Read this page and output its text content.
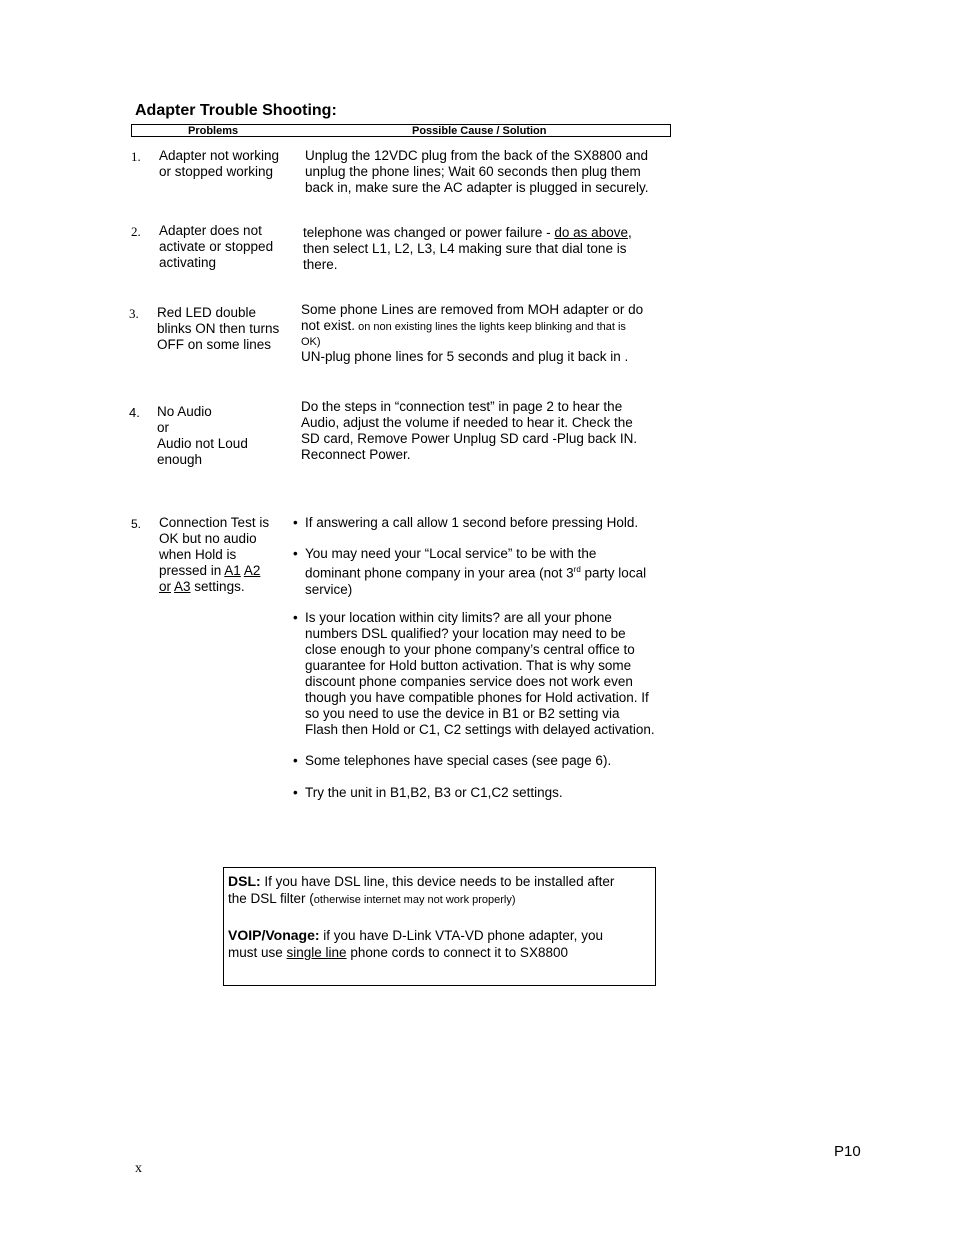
Adapter Trouble Shooting:
Problems	Possible Cause / Solution
1. Adapter not working
or stopped working
Unplug the 12VDC plug from the back of the SX8800 and
unplug the phone lines; Wait 60 seconds then plug them
back in, make sure the AC adapter is plugged in securely.
2. Adapter does not
activate or stopped
activating
telephone was changed or power failure - do as above,
then select L1, L2, L3, L4 making sure that dial tone is
there.
3. Red LED double
blinks ON then turns
OFF on some lines
Some phone Lines are removed from MOH adapter or do
not exist. on non existing lines the lights keep blinking and that is
OK)
UN-plug phone lines for 5 seconds and plug it back in .
4. No Audio
or
Audio not Loud
enough
Do the steps in “connection test” in page 2 to hear the
Audio, adjust the volume if needed to hear it. Check the
SD card, Remove Power Unplug SD card -Plug back IN.
Reconnect Power.
5. Connection Test is
OK but no audio
when Hold is
pressed in A1 A2
or A3 settings.
• If answering a call allow 1 second before pressing Hold.
• You may need your “Local service” to be with the
dominant phone company in your area (not 3rd party local
service)
• Is your location within city limits? are all your phone
numbers DSL qualified? your location may need to be
close enough to your phone company’s central office to
guarantee for Hold button activation. That is why some
discount phone companies service does not work even
though you have compatible phones for Hold activation. If
so you need to use the device in B1 or B2 setting via
Flash then Hold or C1, C2 settings with delayed activation.
• Some telephones have special cases (see page 6).
• Try the unit in B1,B2, B3 or C1,C2 settings.

DSL: If you have DSL line, this device needs to be installed after
the DSL filter (otherwise internet may not work properly)

VOIP/Vonage: if you have D-Link VTA-VD phone adapter, you
must use single line phone cords to connect it to SX8800

P10
x
